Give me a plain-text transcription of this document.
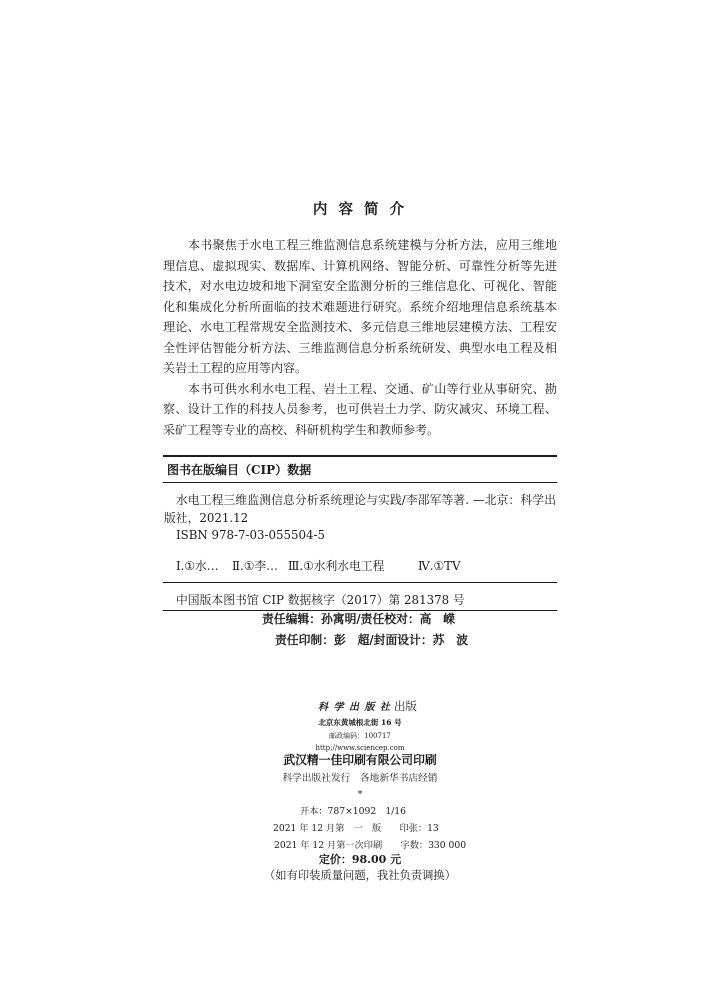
内 容 简 介
本书聚焦于水电工程三维监测信息系统建模与分析方法，应用三维地
理信息、虚拟现实、数据库、计算机网络、智能分析、可靠性分析等先进
技术，对水电边坡和地下洞室安全监测分析的三维信息化、可视化、智能
化和集成化分析所面临的技术难题进行研究。系统介绍地理信息系统基本
理论、水电工程常规安全监测技术、多元信息三维地层建模方法、工程安
全性评估智能分析方法、三维监测信息分析系统研发、典型水电工程及相
关岩土工程的应用等内容。
本书可供水利水电工程、岩土工程、交通、矿山等行业从事研究、勘
察、设计工作的科技人员参考，也可供岩土力学、防灾减灾、环境工程、
采矿工程等专业的高校、科研机构学生和教师参考。
图书在版编目（CIP）数据
水电工程三维监测信息分析系统理论与实践/李邵军等著. —北京：科学出
版社，2021.12
ISBN 978-7-03-055504-5
Ⅰ.①水… Ⅱ.①李… Ⅲ.①水利水电工程	Ⅳ.①TV
中国版本图书馆 CIP 数据核字（2017）第 281378 号
责任编辑：孙寓明/责任校对：高　嵘
责任印制：彭　超/封面设计：苏　波
科 学 出 版 社 出版
北京东黄城根北街 16 号
邮政编码：100717
http://www.sciencep.com
武汉精一佳印刷有限公司印刷
科学出版社发行　各地新华书店经销
*
开本：787×1092　1/16
2021 年 12 月第　一　版　　印张：13
2021 年 12 月第一次印刷　　字数：330 000
定价：98.00 元
（如有印装质量问题，我社负责调换）
